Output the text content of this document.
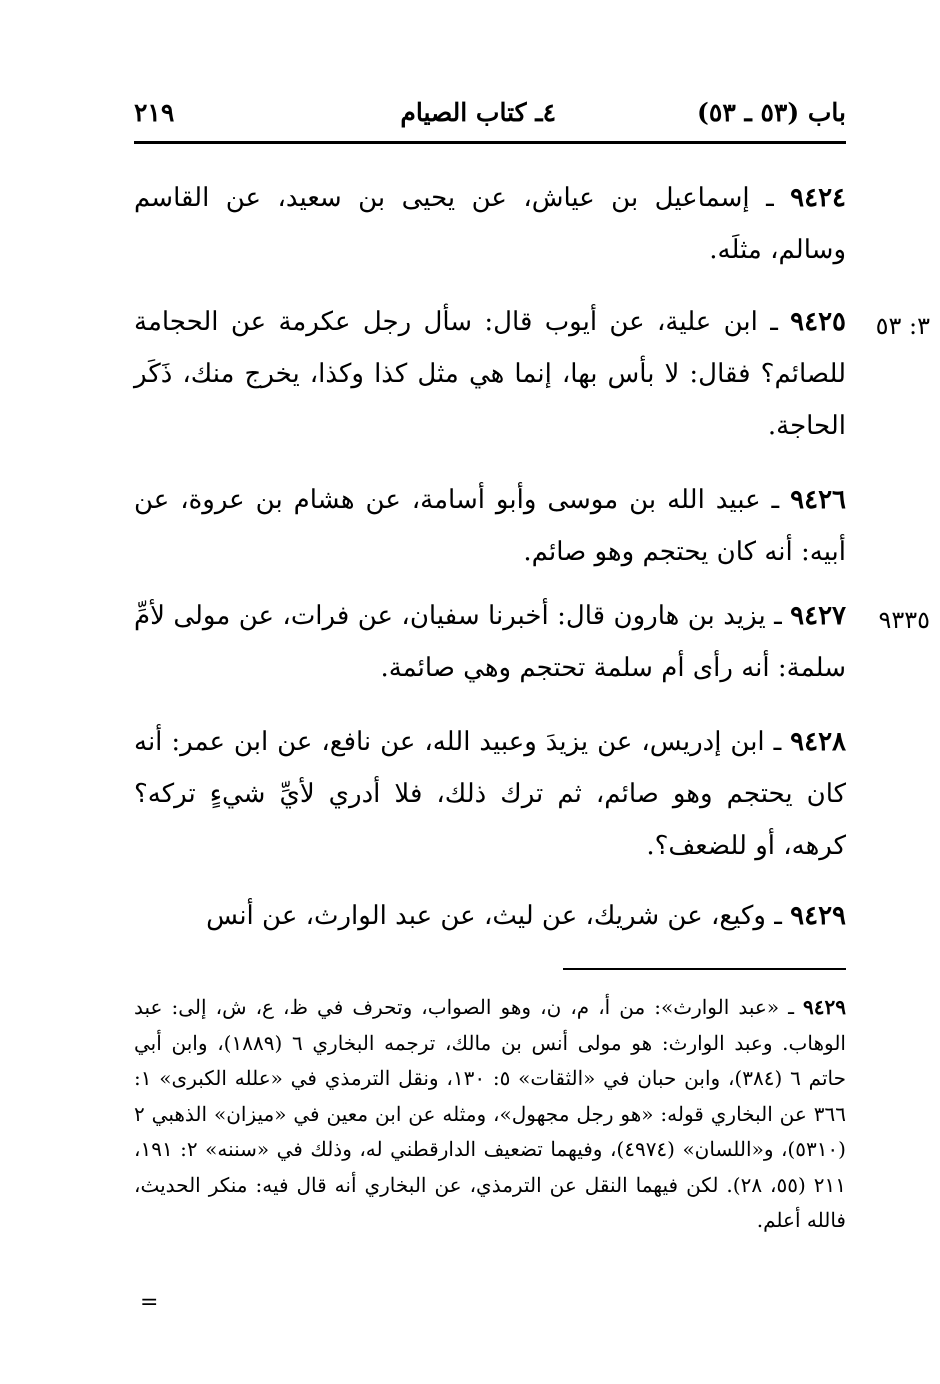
باب (٥٣ ـ ٥٣)
٤ـ كتاب الصيام
٢١٩
٩٤٢٤ ـ إسماعيل بن عياش، عن يحيى بن سعيد، عن القاسم وسالم، مثلَه.
٣: ٥٣
٩٤٢٥ ـ ابن علية، عن أيوب قال: سأل رجل عكرمة عن الحجامة للصائم؟ فقال: لا بأس بها، إنما هي مثل كذا وكذا، يخرج منك، ذَكَر الحاجة.
٩٤٢٦ ـ عبيد الله بن موسى وأبو أسامة، عن هشام بن عروة، عن أبيه: أنه كان يحتجم وهو صائم.
٩٣٣٥
٩٤٢٧ ـ يزيد بن هارون قال: أخبرنا سفيان، عن فرات، عن مولى لأمِّ سلمة: أنه رأى أم سلمة تحتجم وهي صائمة.
٩٤٢٨ ـ ابن إدريس، عن يزيدَ وعبيد الله، عن نافع، عن ابن عمر: أنه كان يحتجم وهو صائم، ثم ترك ذلك، فلا أدري لأيِّ شيءٍ تركه؟ كرهه، أو للضعف؟.
٩٤٢٩ ـ وكيع، عن شريك، عن ليث، عن عبد الوارث، عن أنس
٩٤٢٩ ـ «عبد الوارث»: من أ، م، ن، وهو الصواب، وتحرف في ظ، ع، ش، إلى: عبد الوهاب. وعبد الوارث: هو مولى أنس بن مالك، ترجمه البخاري ٦ (١٨٨٩)، وابن أبي حاتم ٦ (٣٨٤)، وابن حبان في «الثقات» ٥: ١٣٠، ونقل الترمذي في «علله الكبرى» ١: ٣٦٦ عن البخاري قوله: «هو رجل مجهول»، ومثله عن ابن معين في «ميزان» الذهبي ٢ (٥٣١٠)، و«اللسان» (٤٩٧٤)، وفيهما تضعيف الدارقطني له، وذلك في «سننه» ٢: ١٩١، ٢١١ (٥٥، ٢٨). لكن فيهما النقل عن الترمذي، عن البخاري أنه قال فيه: منكر الحديث، فالله أعلم.
=
